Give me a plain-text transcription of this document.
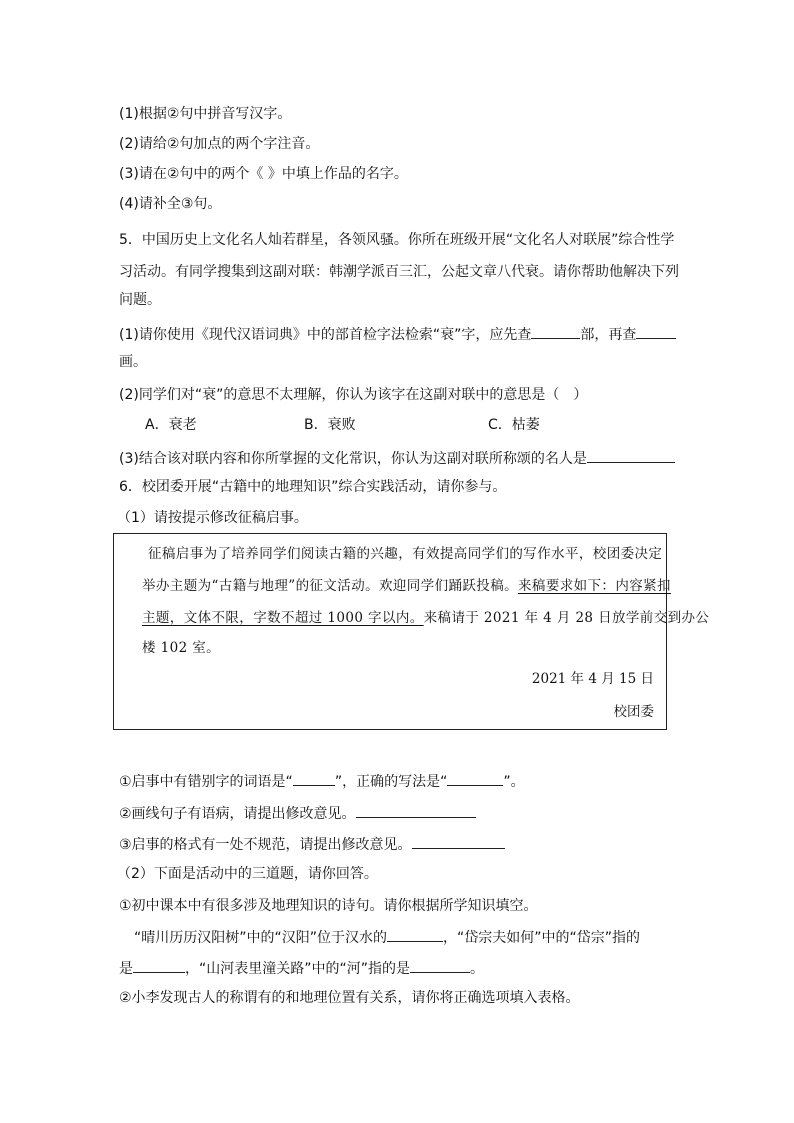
(1)根据②句中拼音写汉字。
(2)请给②句加点的两个字注音。
(3)请在②句中的两个《 》中填上作品的名字。
(4)请补全③句。
5．中国历史上文化名人灿若群星，各领风骚。你所在班级开展“文化名人对联展”综合性学
习活动。有同学搜集到这副对联：韩潮学派百三汇，公起文章八代衰。请你帮助他解决下列
问题。
(1)请你使用《现代汉语词典》中的部首检字法检索“衰”字，应先查	部，再查
画。
(2)同学们对“衰”的意思不太理解，你认为该字在这副对联中的意思是（　）
A．衰老	B．衰败	C．枯萎
(3)结合该对联内容和你所掌握的文化常识，你认为这副对联所称颂的名人是
6．校团委开展“古籍中的地理知识”综合实践活动，请你参与。
（1）请按提示修改征稿启事。
征稿启事为了培养同学们阅读古籍的兴趣，有效提高同学们的写作水平，校团委决定
举办主题为“古籍与地理”的征文活动。欢迎同学们踊跃投稿。来稿要求如下：内容紧扣
主题，文体不限，字数不超过 1000 字以内。来稿请于 2021 年 4 月 28 日放学前交到办公
楼 102 室。
2021 年 4 月 15 日
校团委
①启事中有错别字的词语是“	”，正确的写法是“	”。
②画线句子有语病，请提出修改意见。
③启事的格式有一处不规范，请提出修改意见。
（2）下面是活动中的三道题，请你回答。
①初中课本中有很多涉及地理知识的诗句。请你根据所学知识填空。
“晴川历历汉阳树”中的“汉阳”位于汉水的	，“岱宗夫如何”中的“岱宗”指的
是	，“山河表里潼关路”中的“河”指的是	。
②小李发现古人的称谓有的和地理位置有关系，请你将正确选项填入表格。
